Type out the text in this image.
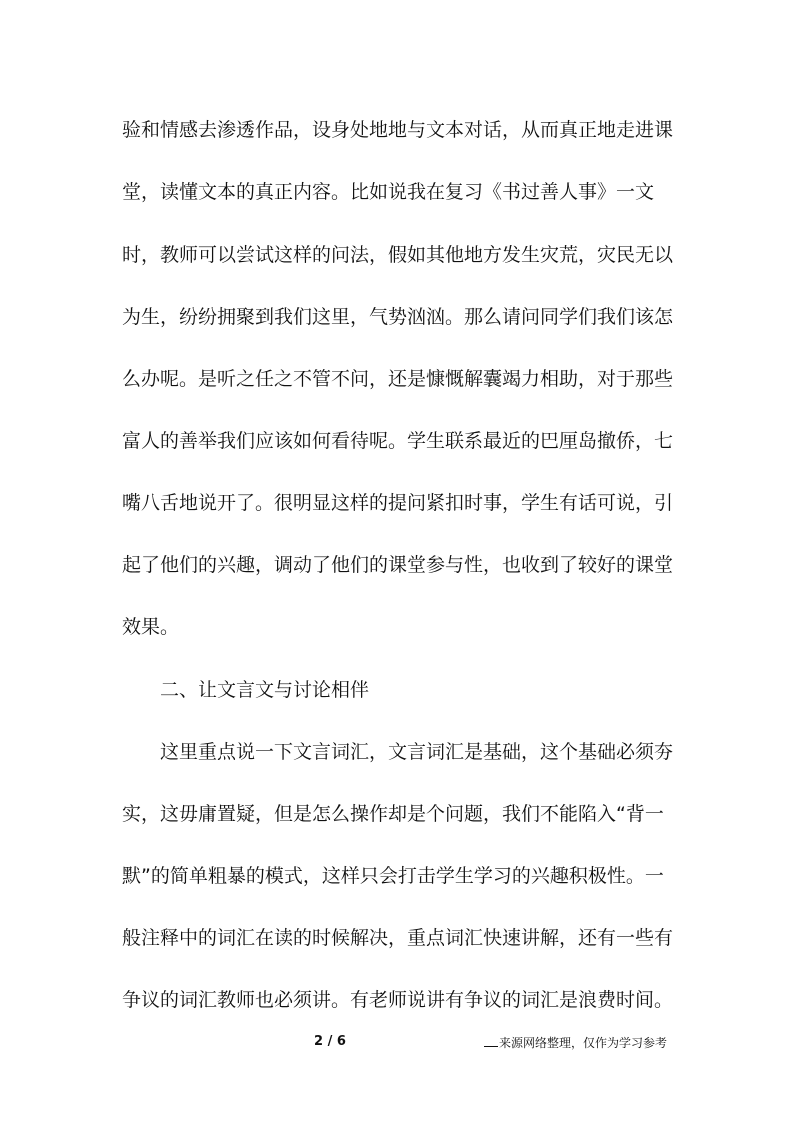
验和情感去渗透作品，设身处地地与文本对话，从而真正地走进课
堂，读懂文本的真正内容。比如说我在复习《书过善人事》一文
时，教师可以尝试这样的问法，假如其他地方发生灾荒，灾民无以
为生，纷纷拥聚到我们这里，气势汹汹。那么请问同学们我们该怎
么办呢。是听之任之不管不问，还是慷慨解囊竭力相助，对于那些
富人的善举我们应该如何看待呢。学生联系最近的巴厘岛撤侨，七
嘴八舌地说开了。很明显这样的提问紧扣时事，学生有话可说，引
起了他们的兴趣，调动了他们的课堂参与性，也收到了较好的课堂
效果。
二、让文言文与讨论相伴
这里重点说一下文言词汇，文言词汇是基础，这个基础必须夯
实，这毋庸置疑，但是怎么操作却是个问题，我们不能陷入“背一
默”的简单粗暴的模式，这样只会打击学生学习的兴趣积极性。一
般注释中的词汇在读的时候解决，重点词汇快速讲解，还有一些有
争议的词汇教师也必须讲。有老师说讲有争议的词汇是浪费时间。
2 / 6	来源网络整理，仅作为学习参考
